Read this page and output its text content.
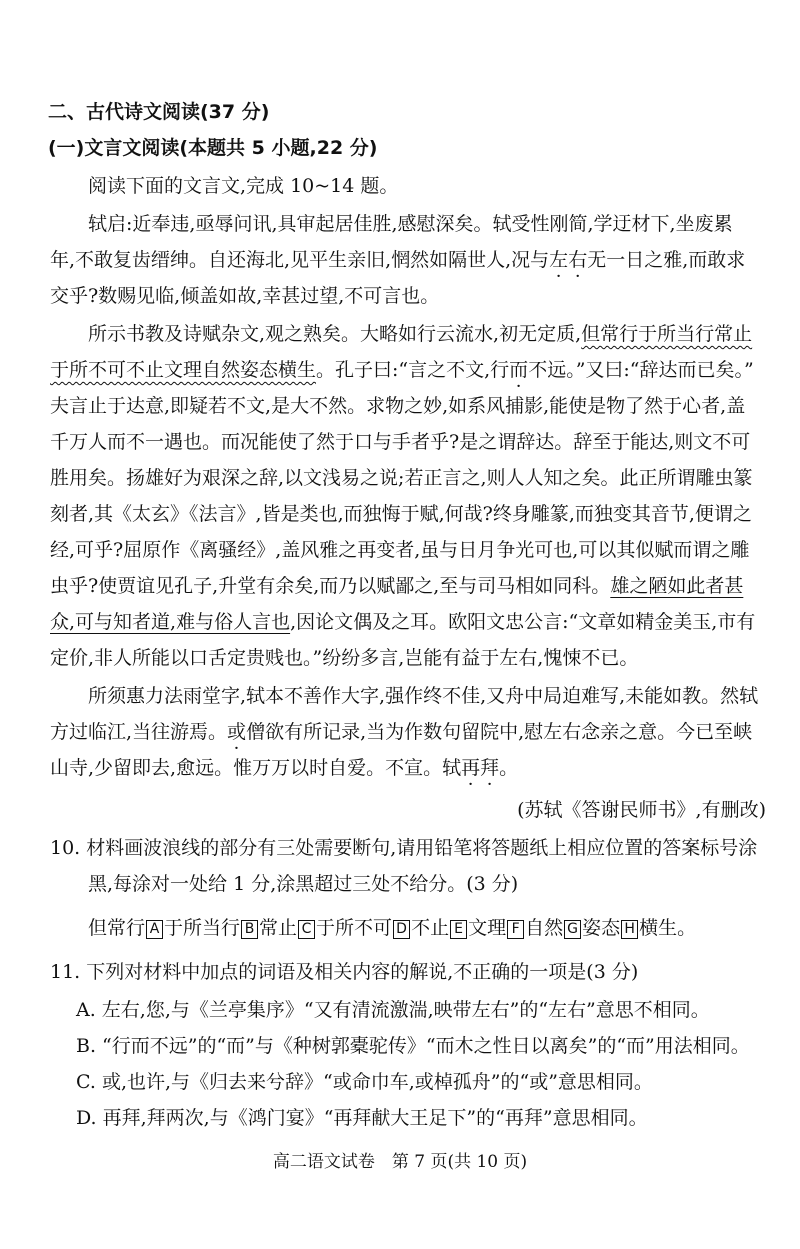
二、古代诗文阅读(37 分)
(一)文言文阅读(本题共 5 小题,22 分)
阅读下面的文言文,完成 10~14 题。
轼启:近奉违,亟辱问讯,具审起居佳胜,感慰深矣。轼受性刚简,学迂材下,坐废累
年,不敢复齿缙绅。自还海北,见平生亲旧,惘然如隔世人,况与左右无一日之雅,而敢求
交乎?数赐见临,倾盖如故,幸甚过望,不可言也。
所示书教及诗赋杂文,观之熟矣。大略如行云流水,初无定质,但常行于所当行常止
于所不可不止文理自然姿态横生。孔子曰:“言之不文,行而不远。”又曰:“辞达而已矣。”
夫言止于达意,即疑若不文,是大不然。求物之妙,如系风捕影,能使是物了然于心者,盖
千万人而不一遇也。而况能使了然于口与手者乎?是之谓辞达。辞至于能达,则文不可
胜用矣。扬雄好为艰深之辞,以文浅易之说;若正言之,则人人知之矣。此正所谓雕虫篆
刻者,其《太玄》《法言》,皆是类也,而独悔于赋,何哉?终身雕篆,而独变其音节,便谓之
经,可乎?屈原作《离骚经》,盖风雅之再变者,虽与日月争光可也,可以其似赋而谓之雕
虫乎?使贾谊见孔子,升堂有余矣,而乃以赋鄙之,至与司马相如同科。雄之陋如此者甚
众,可与知者道,难与俗人言也,因论文偶及之耳。欧阳文忠公言:“文章如精金美玉,市有
定价,非人所能以口舌定贵贱也。”纷纷多言,岂能有益于左右,愧悚不已。
所须惠力法雨堂字,轼本不善作大字,强作终不佳,又舟中局迫难写,未能如教。然轼
方过临江,当往游焉。或僧欲有所记录,当为作数句留院中,慰左右念亲之意。今已至峡
山寺,少留即去,愈远。惟万万以时自爱。不宣。轼再拜。
(苏轼《答谢民师书》,有删改)
10. 材料画波浪线的部分有三处需要断句,请用铅笔将答题纸上相应位置的答案标号涂
黑,每涂对一处给 1 分,涂黑超过三处不给分。(3 分)
但常行 A 于所当行 B 常止 C 于所不可 D 不止 E 文理 F 自然 G 姿态 H 横生。
11. 下列对材料中加点的词语及相关内容的解说,不正确的一项是(3 分)
A. 左右,您,与《兰亭集序》“又有清流激湍,映带左右”的“左右”意思不相同。
B. “行而不远”的“而”与《种树郭橐驼传》“而木之性日以离矣”的“而”用法相同。
C. 或,也许,与《归去来兮辞》“或命巾车,或棹孤舟”的“或”意思相同。
D. 再拜,拜两次,与《鸿门宴》“再拜献大王足下”的“再拜”意思相同。
高二语文试卷　第 7 页(共 10 页)
